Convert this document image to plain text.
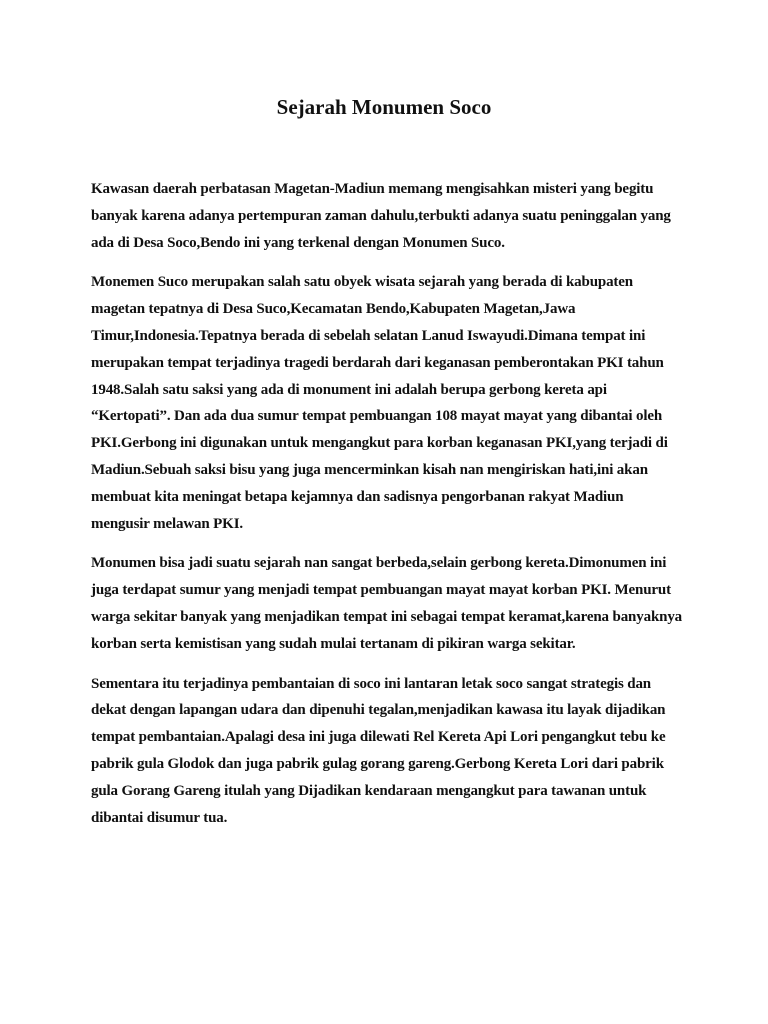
Sejarah Monumen Soco

Kawasan daerah perbatasan Magetan-Madiun memang mengisahkan misteri yang begitu banyak karena adanya pertempuran zaman dahulu,terbukti adanya suatu peninggalan yang ada di Desa Soco,Bendo ini yang terkenal dengan Monumen Suco.

Monemen Suco merupakan salah satu obyek wisata sejarah yang berada di kabupaten magetan tepatnya di Desa Suco,Kecamatan Bendo,Kabupaten Magetan,Jawa Timur,Indonesia.Tepatnya berada di sebelah selatan Lanud Iswayudi.Dimana tempat ini merupakan tempat terjadinya tragedi berdarah dari keganasan pemberontakan PKI tahun 1948.Salah satu saksi yang ada di monument ini adalah berupa gerbong kereta api “Kertopati”. Dan ada dua sumur tempat pembuangan 108 mayat mayat yang dibantai oleh PKI.Gerbong ini digunakan untuk mengangkut para korban keganasan PKI,yang terjadi di Madiun.Sebuah saksi bisu yang juga mencerminkan kisah nan mengiriskan hati,ini akan membuat kita meningat betapa kejamnya dan sadisnya pengorbanan rakyat Madiun mengusir melawan PKI.

Monumen bisa jadi suatu sejarah nan sangat berbeda,selain gerbong kereta.Dimonumen ini juga terdapat sumur yang menjadi tempat pembuangan mayat mayat korban PKI. Menurut warga sekitar banyak yang menjadikan tempat ini sebagai tempat keramat,karena banyaknya korban serta kemistisan yang sudah mulai tertanam di pikiran warga sekitar.

Sementara itu terjadinya pembantaian di soco ini lantaran letak soco sangat strategis dan dekat dengan lapangan udara dan dipenuhi tegalan,menjadikan kawasa itu layak dijadikan tempat pembantaian.Apalagi desa ini juga dilewati Rel Kereta Api Lori pengangkut tebu ke pabrik gula Glodok dan juga pabrik gulag gorang gareng.Gerbong Kereta Lori dari pabrik gula Gorang Gareng itulah yang Dijadikan kendaraan mengangkut para tawanan untuk dibantai disumur tua.
